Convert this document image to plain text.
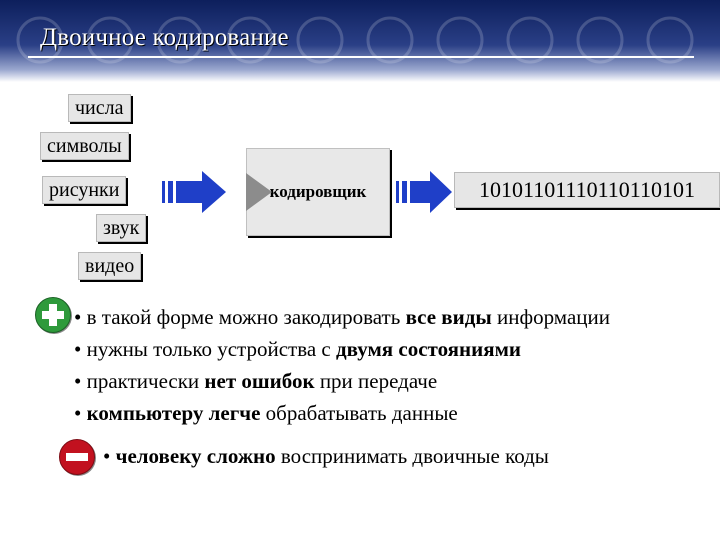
Двоичное кодирование
числа
символы
рисунки
звук
видео
кодировщик	10101101110110110101
• в такой форме можно закодировать все виды информации
• нужны только устройства с двумя состояниями
• практически нет ошибок при передаче
• компьютеру легче обрабатывать данные
• человеку сложно воспринимать двоичные коды
